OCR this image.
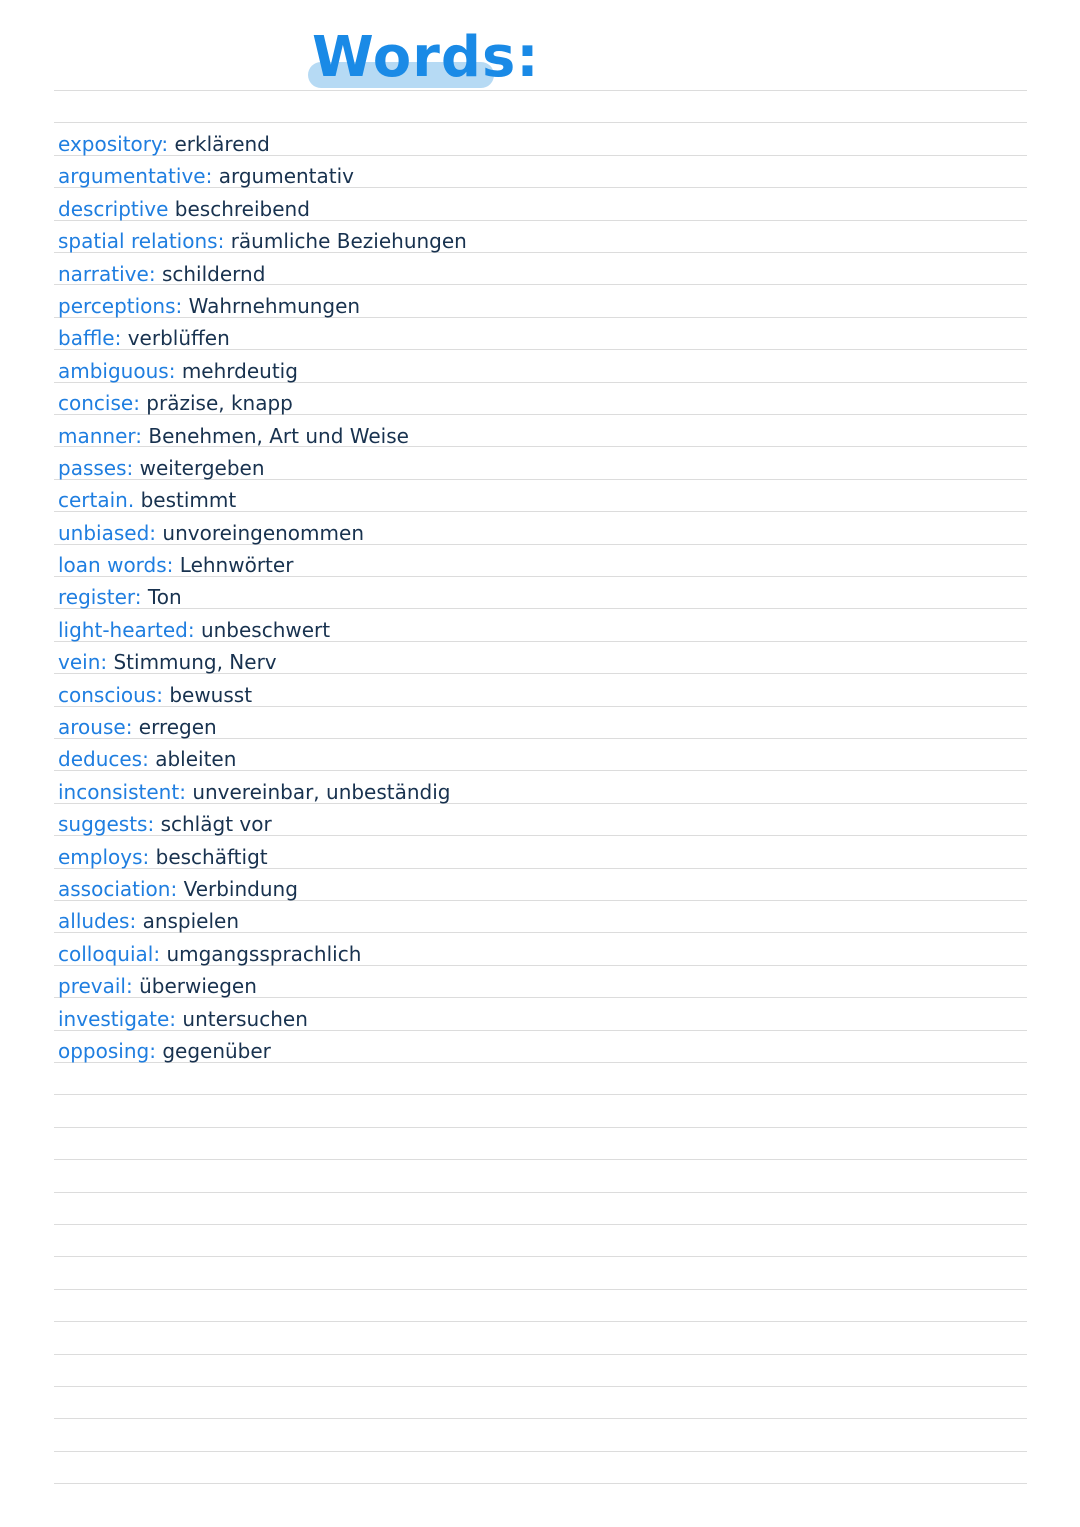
Words:
expository: erklärend
argumentative: argumentativ
descriptive beschreibend
spatial relations: räumliche Beziehungen
narrative: schildernd
perceptions: Wahrnehmungen
baffle: verblüffen
ambiguous: mehrdeutig
concise: präzise, knapp
manner: Benehmen, Art und Weise
passes: weitergeben
certain. bestimmt
unbiased: unvoreingenommen
loan words: Lehnwörter
register: Ton
light-hearted: unbeschwert
vein: Stimmung, Nerv
conscious: bewusst
arouse: erregen
deduces: ableiten
inconsistent: unvereinbar, unbeständig
suggests: schlägt vor
employs: beschäftigt
association: Verbindung
alludes: anspielen
colloquial: umgangssprachlich
prevail: überwiegen
investigate: untersuchen
opposing: gegenüber
